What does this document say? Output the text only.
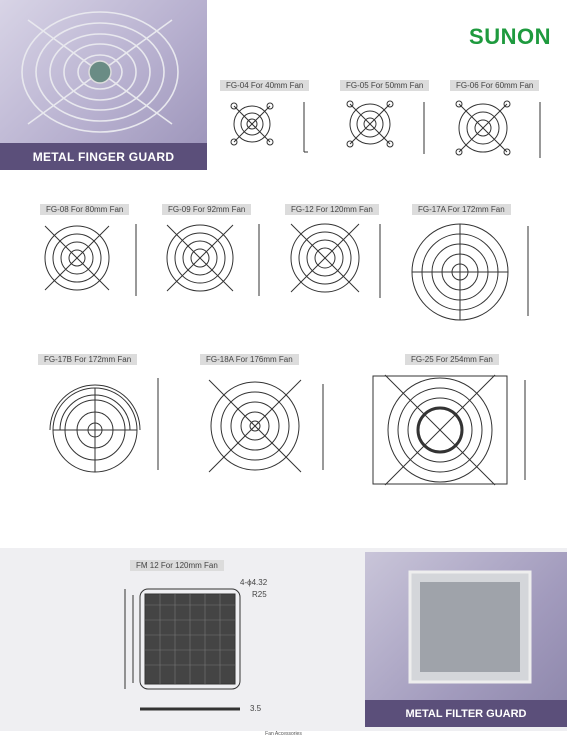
METAL FINGER GUARD
SUNON
FG-04 For 40mm Fan	FG-05 For 50mm Fan	FG-06 For 60mm Fan
FG-08 For 80mm Fan	FG-09 For 92mm Fan	FG-12 For 120mm Fan	FG-17A For 172mm Fan
FG-17B For 172mm Fan	FG-18A For 176mm Fan	FG-25 For 254mm Fan
FM 12 For 120mm Fan
4-ϕ4.32
R25
3.5	METAL FILTER GUARD
Fan Accessories
